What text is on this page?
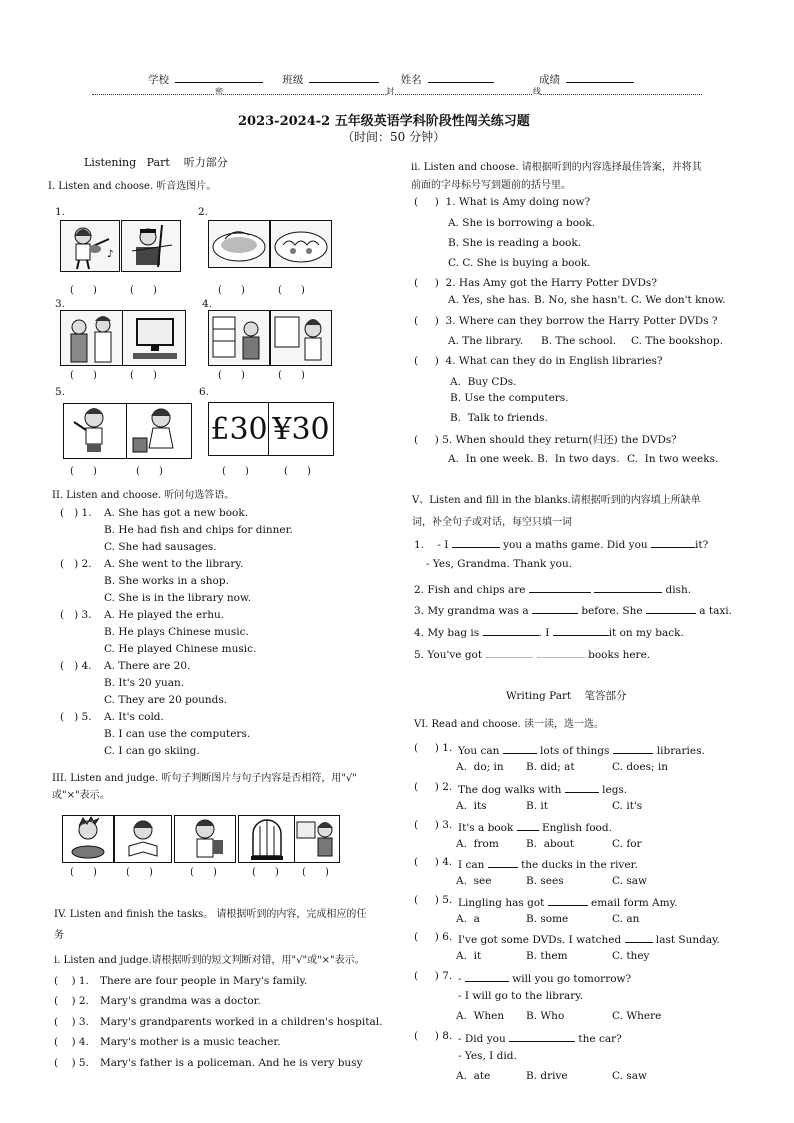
学校	班级	姓名	成绩
密	封	线
2023-2024-2 五年级英语学科阶段性闯关练习题
（时间：50 分钟）
Listening   Part    听力部分
I. Listen and choose. 听音选图片。
1.
♪
(      )	(      )
2.
(      )	(      )
3.
(      )	(      )
4.
(      )	(      )
5.
(      )	(      )
6.
£30 ¥30
(      )	(      )
II. Listen and choose. 听问句选答语。
(   ) 1. A. She has got a new book.
B. He had fish and chips for dinner.
C. She had sausages.
(   ) 2. A. She went to the library.
B. She works in a shop.
C. She is in the library now.
(   ) 3. A. He played the erhu.
B. He plays Chinese music.
C. He played Chinese music.
(   ) 4. A. There are 20.
B. It's 20 yuan.
C. They are 20 pounds.
(   ) 5. A. It's cold.
B. I can use the computers.
C. I can go skiing.
III. Listen and judge. 听句子判断图片与句子内容是否相符，用"√"
或"×"表示。
(      )	(      )	(      )	(      ) (      )
IV. Listen and finish the tasks。 请根据听到的内容，完成相应的任
务
i. Listen and judge.请根据听到的短文判断对错，用"√"或"×"表示。
(    ) 1. There are four people in Mary's family.
(    ) 2. Mary's grandma was a doctor.
(    ) 3. Mary's grandparents worked in a children's hospital.
(    ) 4. Mary's mother is a music teacher.
(    ) 5. Mary's father is a policeman. And he is very busy
ii. Listen and choose. 请根据听到的内容选择最佳答案，并将其
前面的字母标号写到题前的括号里。
(     )  1. What is Amy doing now?
A. She is borrowing a book.
B. She is reading a book.
C. C. She is buying a book.
(     )  2. Has Amy got the Harry Potter DVDs?
A. Yes, she has. B. No, she hasn't. C. We don't know.
(     )  3. Where can they borrow the Harry Potter DVDs ?
A. The library. B. The school. C. The bookshop.
(     )  4. What can they do in English libraries?
A.  Buy CDs.
B. Use the computers.
B.  Talk to friends.
(     ) 5. When should they return(归还) the DVDs？
A.  In one week. B.  In two days. C.  In two weeks.
V、Listen and fill in the blanks.请根据听到的内容填上所缺单
词，补全句子或对话，每空只填一词
1.    - I	you a maths game. Did you	it?
- Yes, Grandma. Thank you.
2. Fish and chips are	dish.
3. My grandma was a	before. She	a taxi.
4. My bag is	. I	it on my back.
5. You've got	books here.
Writing Part    笔答部分
VI. Read and choose. 读一读，选一选。
(     ) 1. You can	lots of things	libraries.
A.  do; in B. did; at	C. does; in
(     ) 2. The dog walks with	legs.
A.  its	B. it	C. it's
(     ) 3. It's a book  English food.
A.  from	B.  about	C. for
(     ) 4. I can	the ducks in the river.
A.  see	B. sees	C. saw
(     ) 5. Lingling has got	email form Amy.
A.  a	B. some	C. an
(     ) 6. I've got some DVDs. I watched	last Sunday.
A.  it	B. them	C. they
(     ) 7. -	will you go tomorrow?
- I will go to the library.
A.  When B. Who	C. Where
(     ) 8. - Did you	the car?
- Yes, I did.
A.  ate	B. drive	C. saw
